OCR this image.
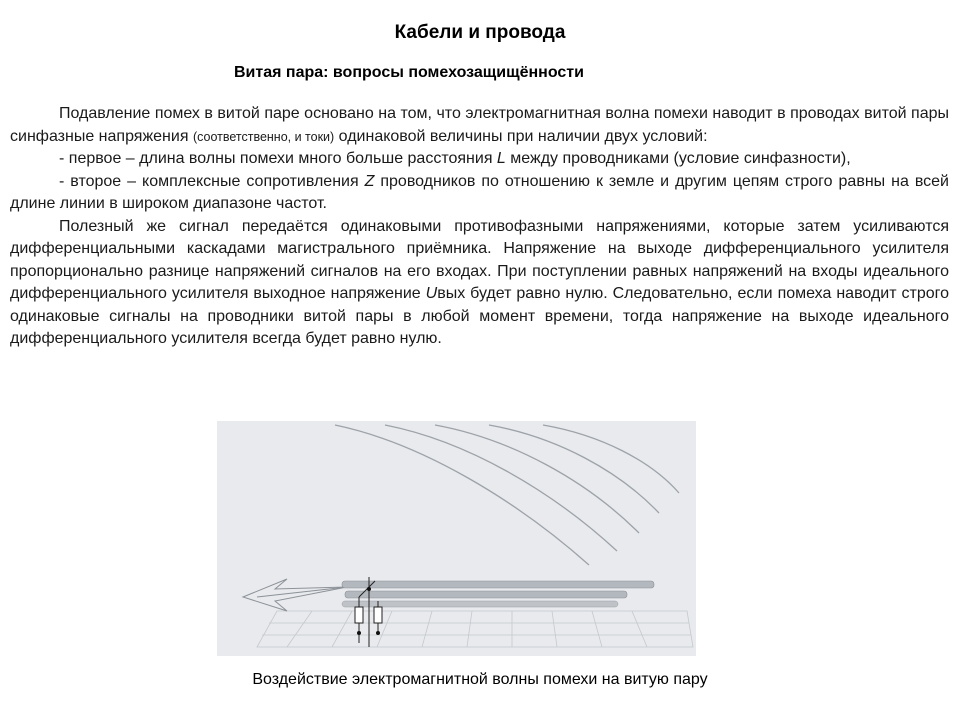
Кабели и провода
Витая пара: вопросы помехозащищённости

Подавление помех в витой паре основано на том, что электромагнитная волна помехи наводит в проводах витой пары синфазные напряжения (соответственно, и токи) одинаковой величины при наличии двух условий:

- первое – длина волны помехи много больше расстояния L между проводниками (условие синфазности),

- второе – комплексные сопротивления Z проводников по отношению к земле и другим цепям строго равны на всей длине линии в широком диапазоне частот.

Полезный же сигнал передаётся одинаковыми противофазными напряжениями, которые затем усиливаются дифференциальными каскадами магистрального приёмника. Напряжение на выходе дифференциального усилителя пропорционально разнице напряжений сигналов на его входах. При поступлении равных напряжений на входы идеального дифференциального усилителя выходное напряжение Uвых будет равно нулю. Следовательно, если помеха наводит строго одинаковые сигналы на проводники витой пары в любой момент времени, тогда напряжение на выходе идеального дифференциального усилителя всегда будет равно нулю.

Воздействие электромагнитной волны помехи на витую пару
